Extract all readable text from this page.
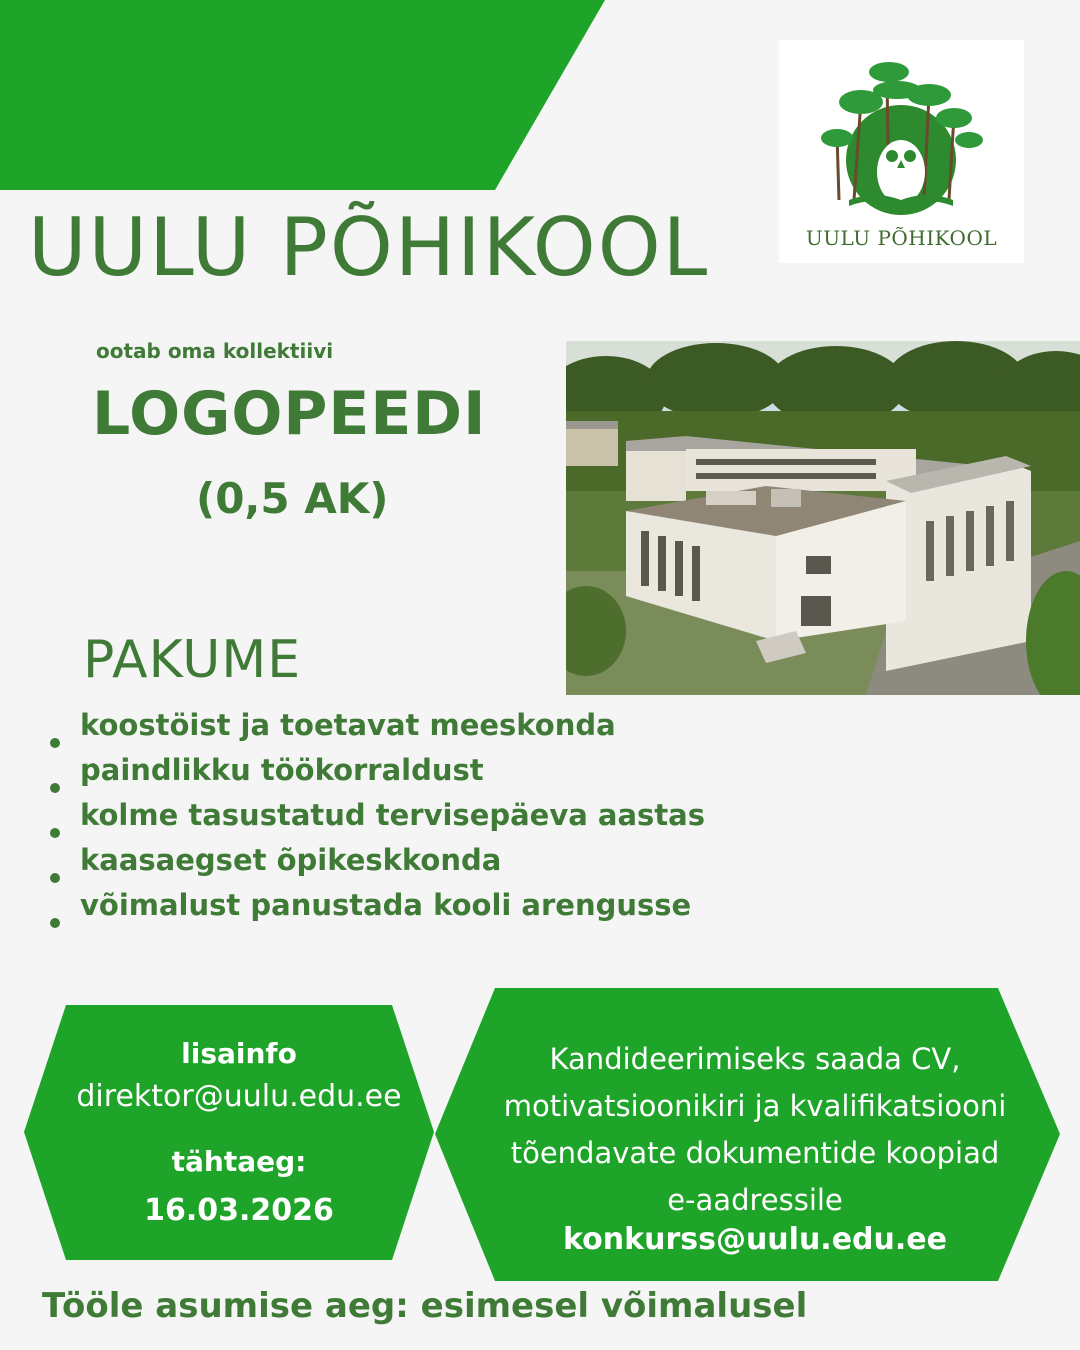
UULU PÕHIKOOL	UULU PÕHIKOOL
ootab oma kollektiivi
LOGOPEEDI
(0,5 AK)
PAKUME
koostöist ja toetavat meeskonda
paindlikku töökorraldust
kolme tasustatud tervisepäeva aastas
kaasaegset õpikeskkonda
võimalust panustada kooli arengusse
lisainfo
direktor@uulu.edu.ee
tähtaeg:
16.03.2026
Kandideerimiseks saada CV,
motivatsioonikiri ja kvalifikatsiooni
tõendavate dokumentide koopiad
e-aadressile
konkurss@uulu.edu.ee
Tööle asumise aeg: esimesel võimalusel
